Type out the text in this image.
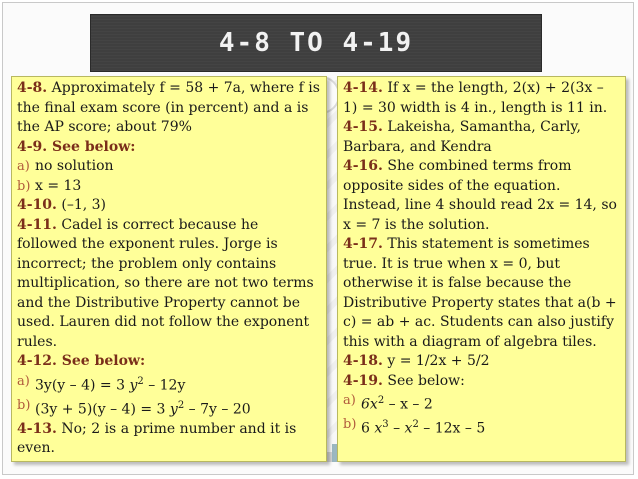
4-8 TO 4-19

4-8. Approximately f = 58 + 7a, where f is the final exam score (in percent) and a is the AP score; about 79%

4-9. See below:

a) no solution

b) x = 13

4-10. (–1, 3)

4-11. Cadel is correct because he followed the exponent rules. Jorge is incorrect; the problem only contains multiplication, so there are not two terms and the Distributive Property cannot be used. Lauren did not follow the exponent rules.

4-12. See below:

a) 3y(y – 4) = 3 $y^2 - 12y$

b) (3y + 5)(y – 4) = 3 $y^2 - 7y - 20$

4-13. No; 2 is a prime number and it is even.

4-14. If x = the length, 2(x) + 2(3x – 1) = 30 width is 4 in., length is 11 in.

4-15. Lakeisha, Samantha, Carly, Barbara, and Kendra

4-16. She combined terms from opposite sides of the equation. Instead, line 4 should read 2x = 14, so x = 7 is the solution.

4-17. This statement is sometimes true. It is true when x = 0, but otherwise it is false because the Distributive Property states that a(b + c) = ab + ac. Students can also justify this with a diagram of algebra tiles.

4-18. y = 1/2x + 5/2

4-19. See below:

a) $6x^2$ – x – 2

b) 6 $x^3 - x^2 - 12x - 5$
